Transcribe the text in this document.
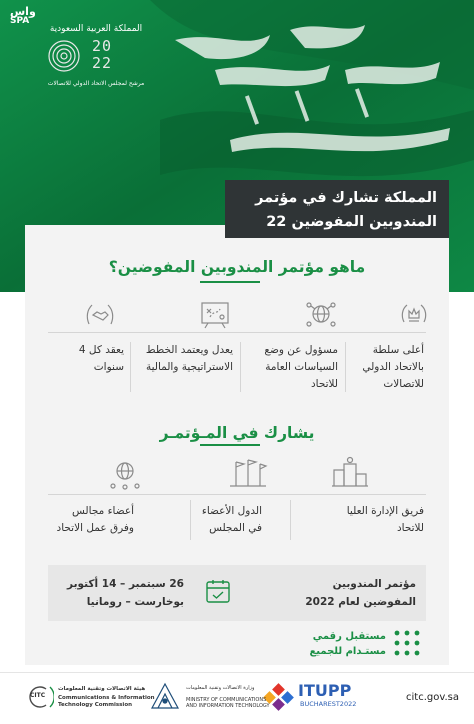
واس
SPA
المملكة العربية السعودية
20
22
مرشح لمجلس الاتحاد الدولي للاتصالات
المملكة تشارك في مؤتمر
المندوبين المفوضين 22
ماهو مؤتمر المندوبين المفوضين؟
أعلى سلطة
بالاتحاد الدولي
للاتصالات
مسؤول عن وضع
السياسات العامة
للاتحاد
يعدل ويعتمد الخطط
الاستراتيجية والمالية
يعقد كل 4
سنوات
يشارك في المـؤتمـر
فريق الإدارة العليا
للاتحاد
الدول الأعضاء
في المجلس
أعضاء مجالس
وفرق عمل الاتحاد
مؤتمر المندوبين
المفوضين لعام 2022
26 سبتمبر – 14 أكتوبر
بوخارست – رومانيا
مستقبل رقمي
مستـدام للجميع
ITUPP
BUCHAREST2022
وزارة الاتصالات وتقنية المعلومات
MINISTRY OF COMMUNICATIONS
AND INFORMATION TECHNOLOGY
CITC
هيئة الاتصالات وتقنية المعلومات
Communications & Information
Technology Commission
citc.gov.sa
